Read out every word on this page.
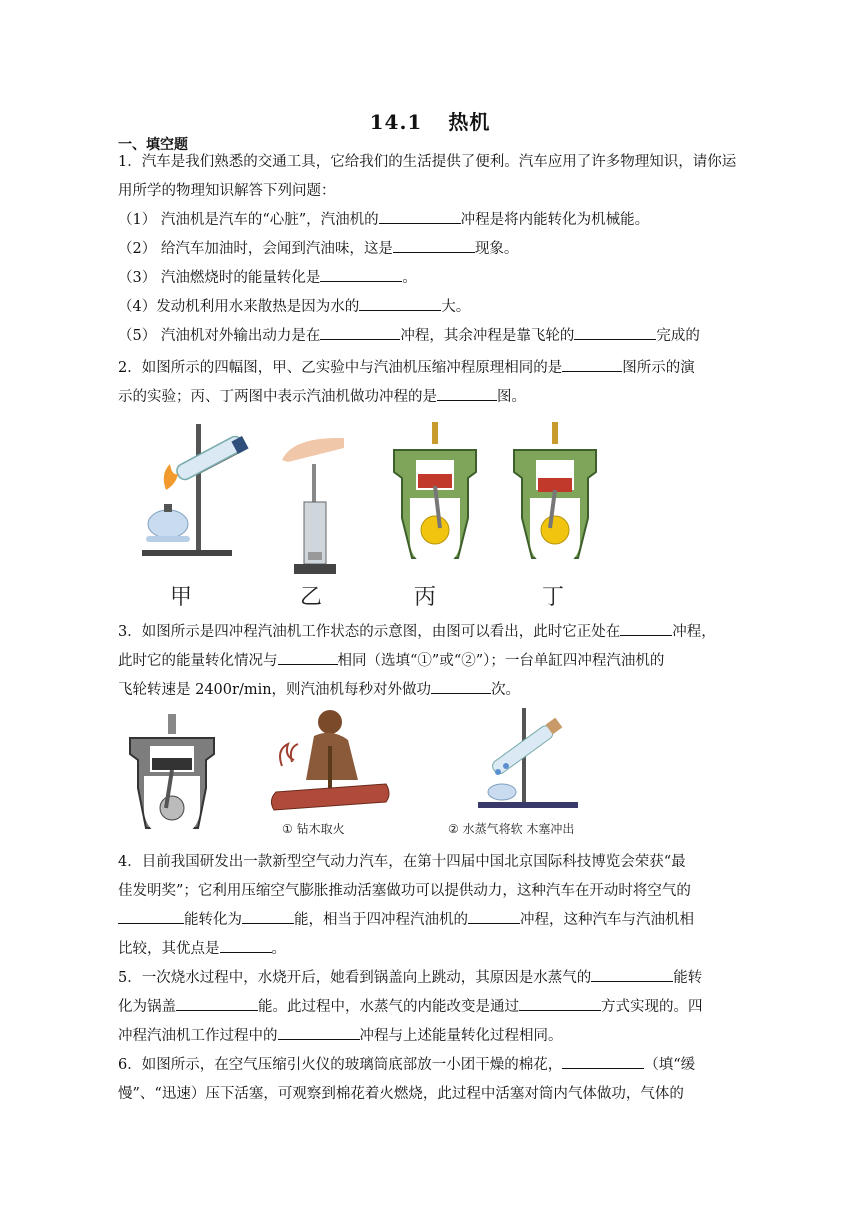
14.1 热机
一、填空题
1．汽车是我们熟悉的交通工具，它给我们的生活提供了便利。汽车应用了许多物理知识，请你运用所学的物理知识解答下列问题：
（1） 汽油机是汽车的“心脏”，汽油机的	冲程是将内能转化为机械能。
（2） 给汽车加油时，会闻到汽油味，这是	现象。
（3） 汽油燃烧时的能量转化是	。
（4）发动机利用水来散热是因为水的	大。
（5） 汽油机对外输出动力是在	冲程，其余冲程是靠飞轮的	完成的
2．如图所示的四幅图，甲、乙实验中与汽油机压缩冲程原理相同的是	图所示的演
示的实验；丙、丁两图中表示汽油机做功冲程的是	图。
甲	乙	丙	丁
3．如图所示是四冲程汽油机工作状态的示意图，由图可以看出，此时它正处在	冲程，
此时它的能量转化情况与	相同（选填“①”或“②”）；一台单缸四冲程汽油机的
飞轮转速是 2400r/min，则汽油机每秒对外做功	次。
① 钻木取火	② 水蒸气将软 木塞冲出
4．目前我国研发出一款新型空气动力汽车，在第十四届中国北京国际科技博览会荣获“最
佳发明奖”；它利用压缩空气膨胀推动活塞做功可以提供动力，这种汽车在开动时将空气的
能转化为	能，相当于四冲程汽油机的	冲程，这种汽车与汽油机相
比较，其优点是	。
5．一次烧水过程中，水烧开后，她看到锅盖向上跳动，其原因是水蒸气的	能转
化为锅盖	能。此过程中，水蒸气的内能改变是通过	方式实现的。四
冲程汽油机工作过程中的	冲程与上述能量转化过程相同。
6．如图所示，在空气压缩引火仪的玻璃筒底部放一小团干燥的棉花，	（填“缓
慢”、“迅速）压下活塞，可观察到棉花着火燃烧，此过程中活塞对筒内气体做功，气体的
